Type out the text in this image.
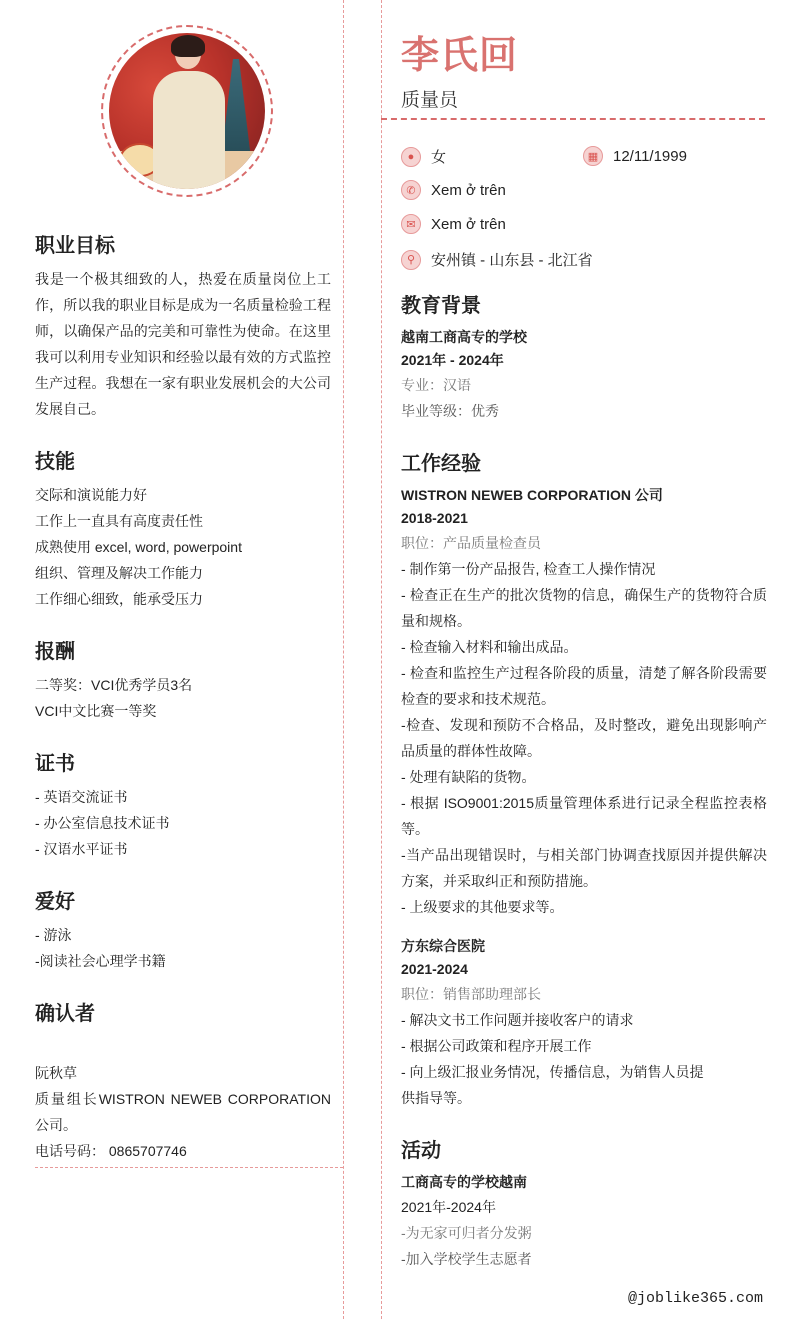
职业目标

我是一个极其细致的人，热爱在质量岗位上工作，所以我的职业目标是成为一名质量检验工程师，以确保产品的完美和可靠性为使命。在这里我可以利用专业知识和经验以最有效的方式监控生产过程。我想在一家有职业发展机会的大公司发展自己。

技能
交际和演说能力好
工作上一直具有高度责任性
成熟使用 excel, word, powerpoint
组织、管理及解决工作能力
工作细心细致，能承受压力
报酬
二等奖：VCI优秀学员3名
VCI中文比赛一等奖
证书
- 英语交流证书
- 办公室信息技术证书
- 汉语水平证书
爱好
- 游泳
-阅读社会心理学书籍
确认者
阮秋草
质量组长WISTRON NEWEB CORPORATION 公司。
电话号码： 0865707746
李氏回
质量员
●	女	▦ 12/11/1999
✆	Xem ở trên
✉	Xem ở trên
⚲	安州镇 - 山东县 - 北江省
教育背景
越南工商高专的学校
2021年 - 2024年
专业：汉语
毕业等级：优秀
工作经验
WISTRON NEWEB CORPORATION 公司
2018-2021
职位：产品质量检查员
- 制作第一份产品报告, 检查工人操作情况
- 检查正在生产的批次货物的信息，确保生产的货物符合质量和规格。
- 检查输入材料和输出成品。
- 检查和监控生产过程各阶段的质量，清楚了解各阶段需要检查的要求和技术规范。
-检查、发现和预防不合格品，及时整改，避免出现影响产品质量的群体性故障。
- 处理有缺陷的货物。
- 根据 ISO9001:2015质量管理体系进行记录全程监控表格等。
-当产品出现错误时，与相关部门协调查找原因并提供解决方案，并采取纠正和预防措施。
- 上级要求的其他要求等。
方东综合医院
2021-2024
职位：销售部助理部长
- 解决文书工作问题并接收客户的请求
- 根据公司政策和程序开展工作
- 向上级汇报业务情况，传播信息，为销售人员提
供指导等。
活动
工商高专的学校越南
2021年-2024年
-为无家可归者分发粥
-加入学校学生志愿者
@joblike365.com
